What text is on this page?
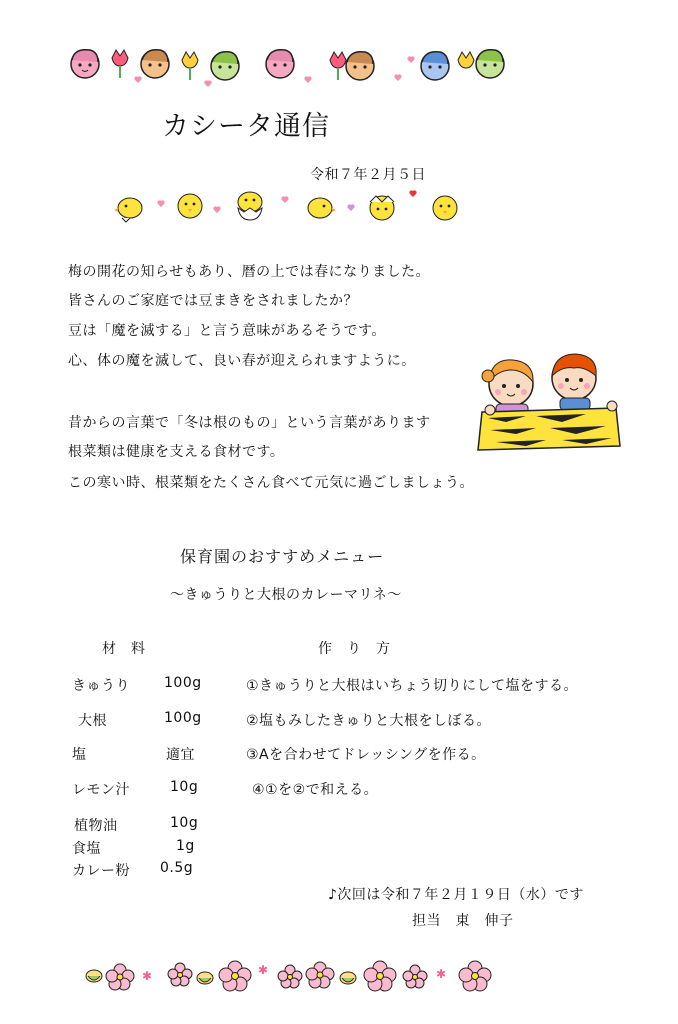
カシータ通信
令和７年２月５日
梅の開花の知らせもあり、暦の上では春になりました。
皆さんのご家庭では豆まきをされましたか？
豆は「魔を滅する」と言う意味があるそうです。
心、体の魔を滅して、良い春が迎えられますように。
昔からの言葉で「冬は根のもの」という言葉があります
根菜類は健康を支える食材です。
この寒い時、根菜類をたくさん食べて元気に過ごしましょう。
保育園のおすすめメニュー
～きゅうりと大根のカレーマリネ～
材　料	作　り　方
きゅうり 100g	①きゅうりと大根はいちょう切りにして塩をする。
大根	100g	②塩もみしたきゅりと大根をしぼる。
塩	適宜	③Aを合わせてドレッシングを作る。
レモン汁	10g	④①を②で和える。
植物油	10g
食塩	1g
カレー粉 0.5g
♪次回は令和７年２月１９日（水）です
担当　東　伸子
✱	✱	✱
